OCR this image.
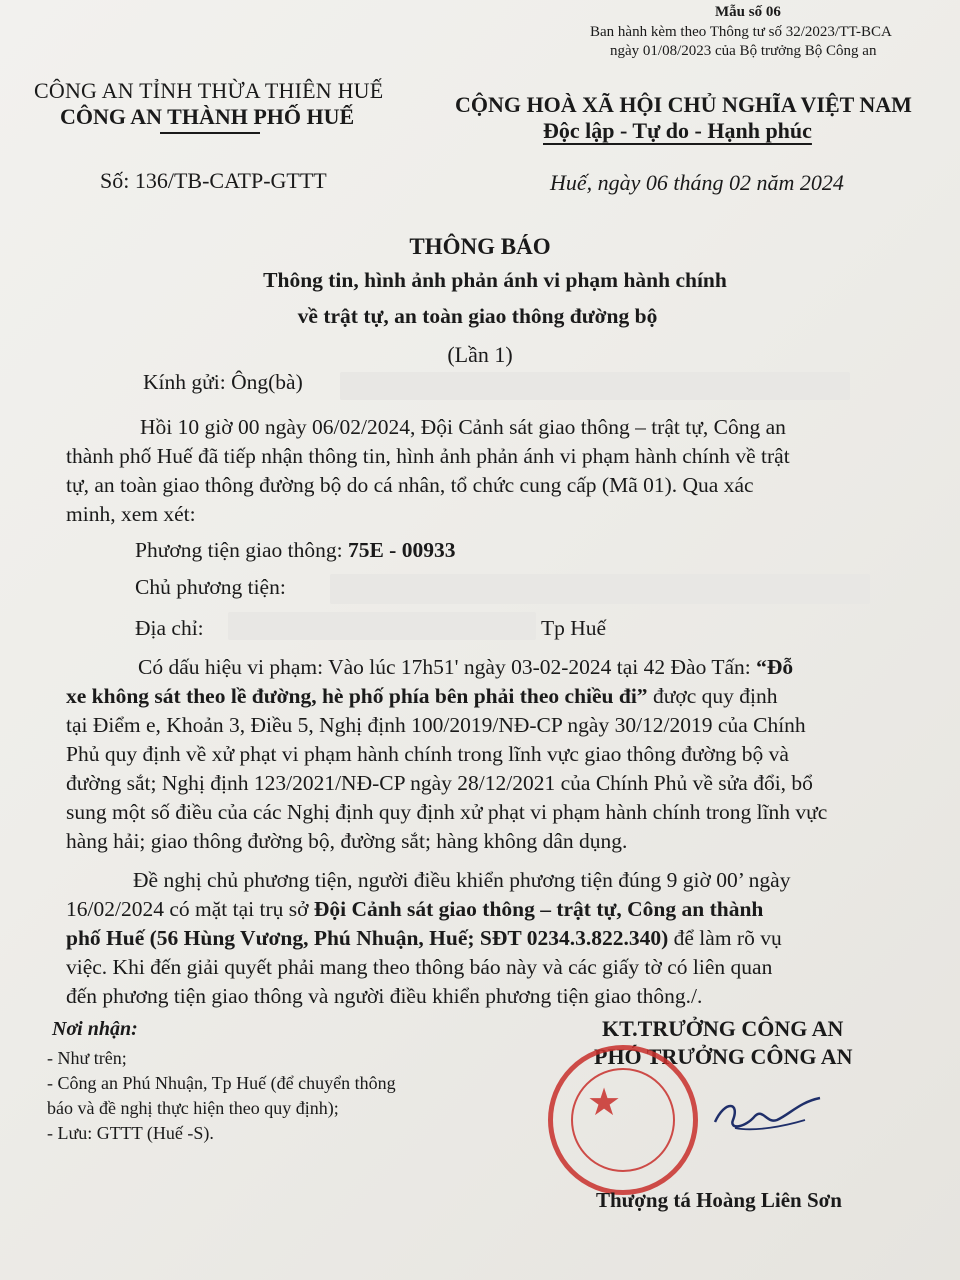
Mẫu số 06
Ban hành kèm theo Thông tư số 32/2023/TT-BCA
ngày 01/08/2023 của Bộ trưởng Bộ Công an
CÔNG AN TỈNH THỪA THIÊN HUẾ
CÔNG AN THÀNH PHỐ HUẾ	CỘNG HOÀ XÃ HỘI CHỦ NGHĨA VIỆT NAM
Độc lập - Tự do - Hạnh phúc
Số: 136/TB-CATP-GTTT	Huế, ngày 06 tháng 02 năm 2024
THÔNG BÁO
Thông tin, hình ảnh phản ánh vi phạm hành chính
về trật tự, an toàn giao thông đường bộ
(Lần 1)
Kính gửi: Ông(bà)
Hồi 10 giờ 00 ngày 06/02/2024, Đội Cảnh sát giao thông – trật tự, Công an
thành phố Huế đã tiếp nhận thông tin, hình ảnh phản ánh vi phạm hành chính về trật
tự, an toàn giao thông đường bộ do cá nhân, tổ chức cung cấp (Mã 01). Qua xác
minh, xem xét:
Phương tiện giao thông: 75E - 00933
Chủ phương tiện:
Địa chỉ:	Tp Huế
Có dấu hiệu vi phạm: Vào lúc 17h51' ngày 03-02-2024 tại 42 Đào Tấn: “Đỗ
xe không sát theo lề đường, hè phố phía bên phải theo chiều đi” được quy định
tại Điểm e, Khoản 3, Điều 5, Nghị định 100/2019/NĐ-CP ngày 30/12/2019 của Chính
Phủ quy định về xử phạt vi phạm hành chính trong lĩnh vực giao thông đường bộ và
đường sắt; Nghị định 123/2021/NĐ-CP ngày 28/12/2021 của Chính Phủ về sửa đổi, bổ
sung một số điều của các Nghị định quy định xử phạt vi phạm hành chính trong lĩnh vực
hàng hải; giao thông đường bộ, đường sắt; hàng không dân dụng.
Đề nghị chủ phương tiện, người điều khiển phương tiện đúng 9 giờ 00’ ngày
16/02/2024 có mặt tại trụ sở Đội Cảnh sát giao thông – trật tự, Công an thành
phố Huế (56 Hùng Vương, Phú Nhuận, Huế; SĐT 0234.3.822.340) để làm rõ vụ
việc. Khi đến giải quyết phải mang theo thông báo này và các giấy tờ có liên quan
đến phương tiện giao thông và người điều khiển phương tiện giao thông./.
Nơi nhận:
- Như trên;
- Công an Phú Nhuận, Tp Huế (để chuyển thông
báo và đề nghị thực hiện theo quy định);
- Lưu: GTTT (Huế -S).
KT.TRƯỞNG CÔNG AN
PHÓ TRƯỞNG CÔNG AN
★
Thượng tá Hoàng Liên Sơn
